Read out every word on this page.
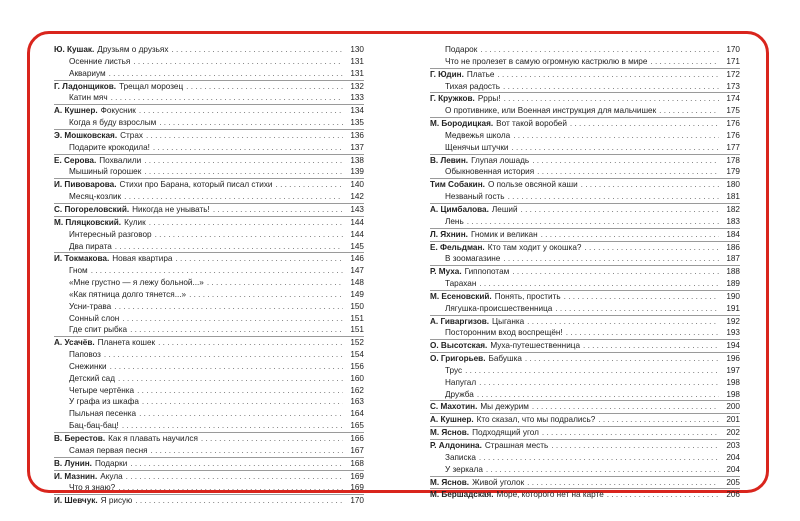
Ю. Кушак. Друзьям о друзьях . . .	130
Осенние листья . . .	131
Аквариум . . .	131
Г. Ладонщиков. Трещал морозец . . .	132
Катин мяч . . .	133
А. Кушнер. Фокусник . . .	134
Когда я буду взрослым . . .	135
Э. Мошковская. Страх . . .	136
Подарите крокодила! . . .	137
Е. Серова. Похвалили . . .	138
Мышиный горошек . . .	139
И. Пивоварова. Стихи про Барана, который писал стихи . . .	140
Месяц-козлик . . .	142
С. Погореловский. Никогда не унывать! . . .	143
М. Пляцковский. Кулик . . .	144
Интересный разговор . . .	144
Два пирата . . .	145
И. Токмакова. Новая квартира . . .	146
Гном . . .	147
«Мне грустно — я лежу больной...» . . .	148
«Как пятница долго тянется...» . . .	149
Усни-трава . . .	150
Сонный слон . . .	151
Где спит рыбка . . .	151
А. Усачёв. Планета кошек . . .	152
Паповоз . . .	154
Снежинки . . .	156
Детский сад . . .	160
Четыре чертёнка . . .	162
У графа из шкафа . . .	163
Пыльная песенка . . .	164
Бац-бац-бац! . . .	165
В. Берестов. Как я плавать научился . . .	166
Самая первая песня . . .	167
В. Лунин. Подарки . . .	168
И. Мазнин. Акула . . .	169
Что я знаю? . . .	169
И. Шевчук. Я рисую . . .	170
Подарок . . .	170
Что не пролезет в самую огромную кастрюлю в мире . . .	171
Г. Юдин. Платье . . .	172
Тихая радость . . .	173
Г. Кружков. Ррры! . . .	174
О противнике, или Военная инструкция для мальчишек . . .	175
М. Бородицкая. Вот такой воробей . . .	176
Медвежья школа . . .	176
Щенячьи штучки . . .	177
В. Левин. Глупая лошадь . . .	178
Обыкновенная история . . .	179
Тим Собакин. О пользе овсяной каши . . .	180
Незваный гость . . .	181
А. Цимбалова. Леший . . .	182
Лень . . .	183
Л. Яхнин. Гномик и великан . . .	184
Е. Фельдман. Кто там ходит у окошка? . . .	186
В зоомагазине . . .	187
Р. Муха. Гиппопотам . . .	188
Тарахан . . .	189
М. Есеновский. Понять, простить . . .	190
Лягушка-происшественница . . .	191
А. Гиваргизов. Цыганка . . .	192
Посторонним вход воспрещён! . . .	193
О. Высотская. Муха-путешественница . . .	194
О. Григорьев. Бабушка . . .	196
Трус . . .	197
Напугал . . .	198
Дружба . . .	198
С. Махотин. Мы дежурим . . .	200
А. Кушнер. Кто сказал, что мы подрались? . . .	201
М. Яснов. Подходящий угол . . .	202
Р. Алдонина. Страшная месть . . .	203
Записка . . .	204
У зеркала . . .	204
М. Яснов. Живой уголок . . .	205
М. Бершадская. Море, которого нет на карте . . .	206
